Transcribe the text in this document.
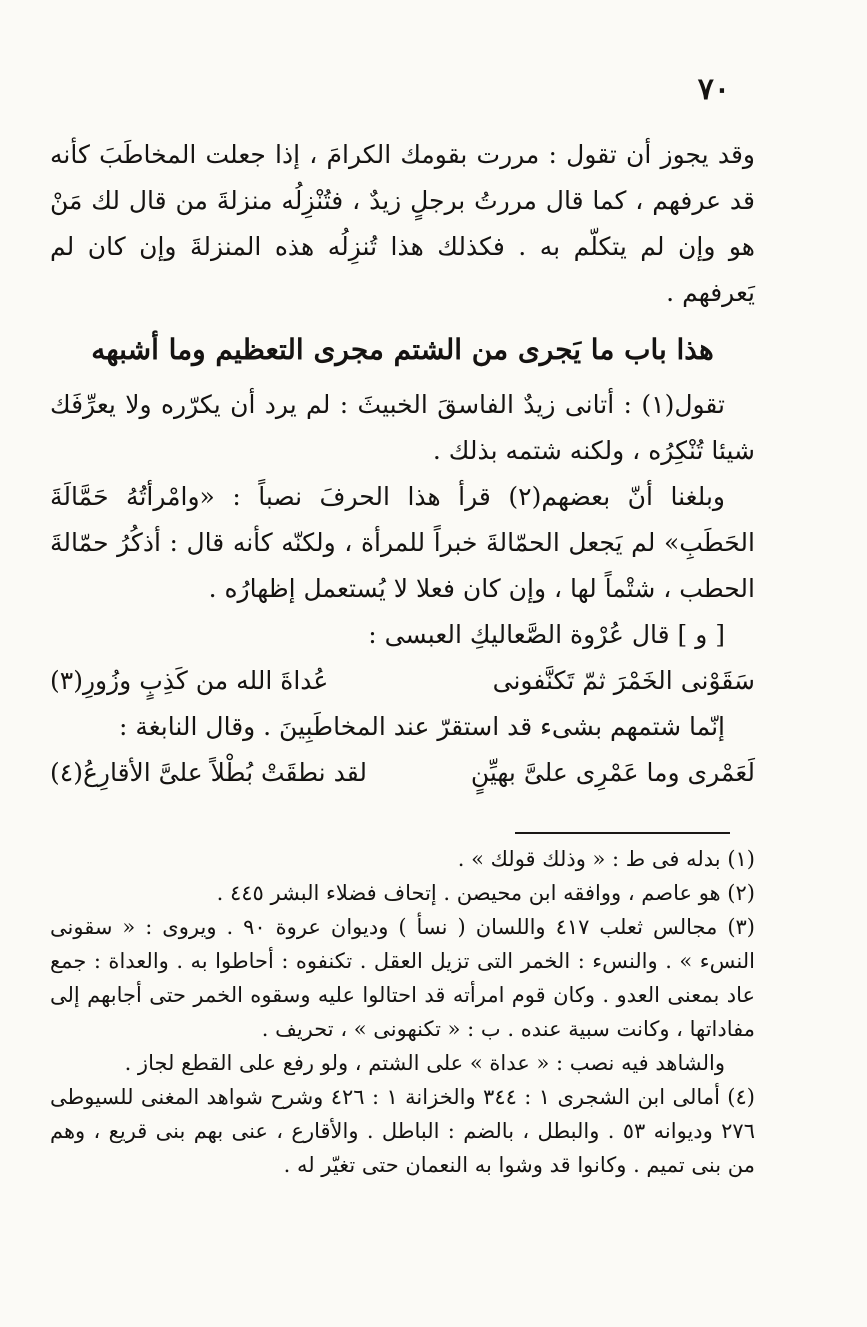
٧٠

وقد يجوز أن تقول : مررت بقومك الكرامَ ، إذا جعلت المخاطَبَ كأنه قد عرفهم ، كما قال مررتُ برجلٍ زيدٌ ، فتُنْزِلُه منزلةَ من قال لك مَنْ هو وإن لم يتكلّم به . فكذلك هذا تُنزِلُه هذه المنزلةَ وإن كان لم يَعرفهم .

هذا باب ما يَجرى من الشتم مجرى التعظيم وما أشبهه

تقول(١) : أتانى زيدٌ الفاسقَ الخبيثَ : لم يرد أن يكرّره ولا يعرِّفَك شيئا تُنْكِرُه ، ولكنه شتمه بذلك .

وبلغنا أنّ بعضهم(٢) قرأ هذا الحرفَ نصباً : «وامْرأتُهُ حَمَّالَةَ الحَطَبِ» لم يَجعل الحمّالةَ خبراً للمرأة ، ولكنّه كأنه قال : أذكُرُ حمّالةَ الحطب ، شتْماً لها ، وإن كان فعلا لا يُستعمل إظهارُه .

[ و ] قال عُرْوة الصَّعاليكِ العبسى :

سَقَوْنى الخَمْرَ ثمّ تَكنَّفونى
عُداةَ الله من كَذِبٍ وزُورِ(٣)

إنّما شتمهم بشىء قد استقرّ عند المخاطَبِينَ . وقال النابغة :

لَعَمْرى وما عَمْرِى علىَّ بهيِّنٍ
لقد نطقَتْ بُطْلاً علىَّ الأقارِعُ(٤)

(١) بدله فى ط : « وذلك قولك » .

(٢) هو عاصم ، ووافقه ابن محيصن . إتحاف فضلاء البشر ٤٤٥ .

(٣) مجالس ثعلب ٤١٧ واللسان ( نسأ ) وديوان عروة ٩٠ . ويروى : « سقونى النسء » . والنسء : الخمر التى تزيل العقل . تكنفوه : أحاطوا به . والعداة : جمع عاد بمعنى العدو . وكان قوم امرأته قد احتالوا عليه وسقوه الخمر حتى أجابهم إلى مفاداتها ، وكانت سبية عنده . ب : « تكنهونى » ، تحريف .

والشاهد فيه نصب : « عداة » على الشتم ، ولو رفع على القطع لجاز .

(٤) أمالى ابن الشجرى ١ : ٣٤٤ والخزانة ١ : ٤٢٦ وشرح شواهد المغنى للسيوطى ٢٧٦ وديوانه ٥٣ . والبطل ، بالضم : الباطل . والأقارع ، عنى بهم بنى قريع ، وهم من بنى تميم . وكانوا قد وشوا به النعمان حتى تغيّر له .
